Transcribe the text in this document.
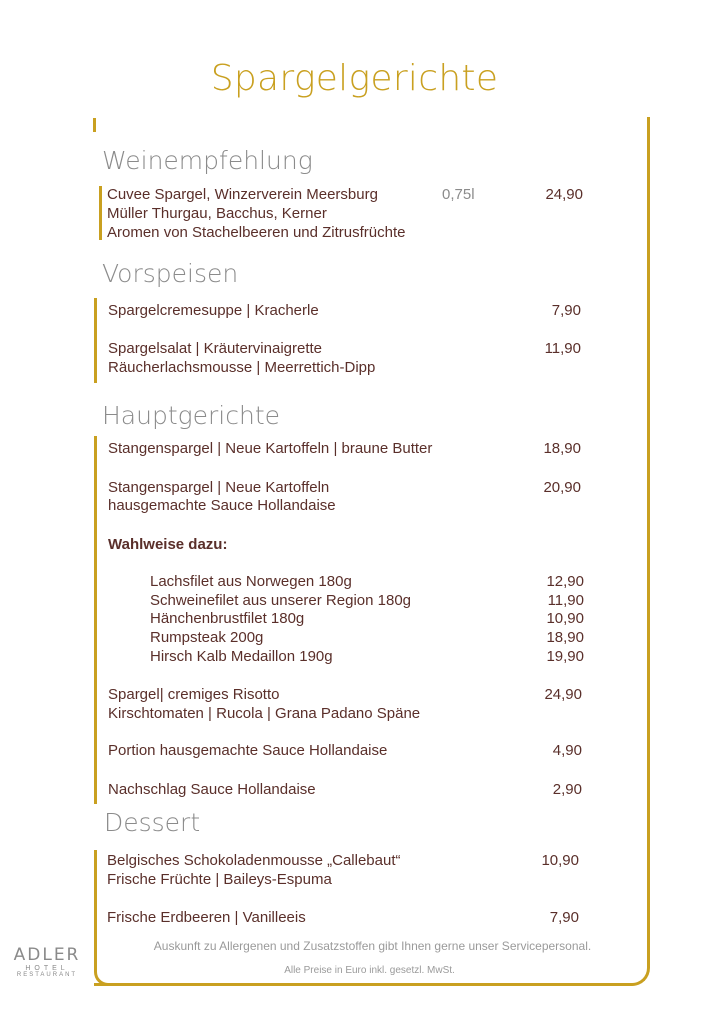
Spargelgerichte
Weinempfehlung
Cuvee Spargel, Winzerverein Meersburg	0,75l	24,90
Müller Thurgau, Bacchus, Kerner
Aromen von Stachelbeeren und Zitrusfrüchte
Vorspeisen
Spargelcremesuppe | Kracherle	7,90
Spargelsalat | Kräutervinaigrette	11,90
Räucherlachsmousse | Meerrettich-Dipp
Hauptgerichte
Stangenspargel | Neue Kartoffeln | braune Butter	18,90
Stangenspargel | Neue Kartoffeln	20,90
hausgemachte Sauce Hollandaise
Wahlweise dazu:
Lachsfilet aus Norwegen 180g	12,90
Schweinefilet aus unserer Region 180g	11,90
Hänchenbrustfilet 180g	10,90
Rumpsteak 200g	18,90
Hirsch Kalb Medaillon 190g	19,90
Spargel| cremiges Risotto	24,90
Kirschtomaten | Rucola | Grana Padano Späne
Portion hausgemachte Sauce Hollandaise	4,90
Nachschlag Sauce Hollandaise	2,90
Dessert
Belgisches Schokoladenmousse „Callebaut“	10,90
Frische Früchte | Baileys-Espuma
Frische Erdbeeren | Vanilleeis	7,90
Auskunft zu Allergenen und Zusatzstoffen gibt Ihnen gerne unser Servicepersonal.
Alle Preise in Euro inkl. gesetzl. MwSt.
ADLER
HOTEL
RESTAURANT
